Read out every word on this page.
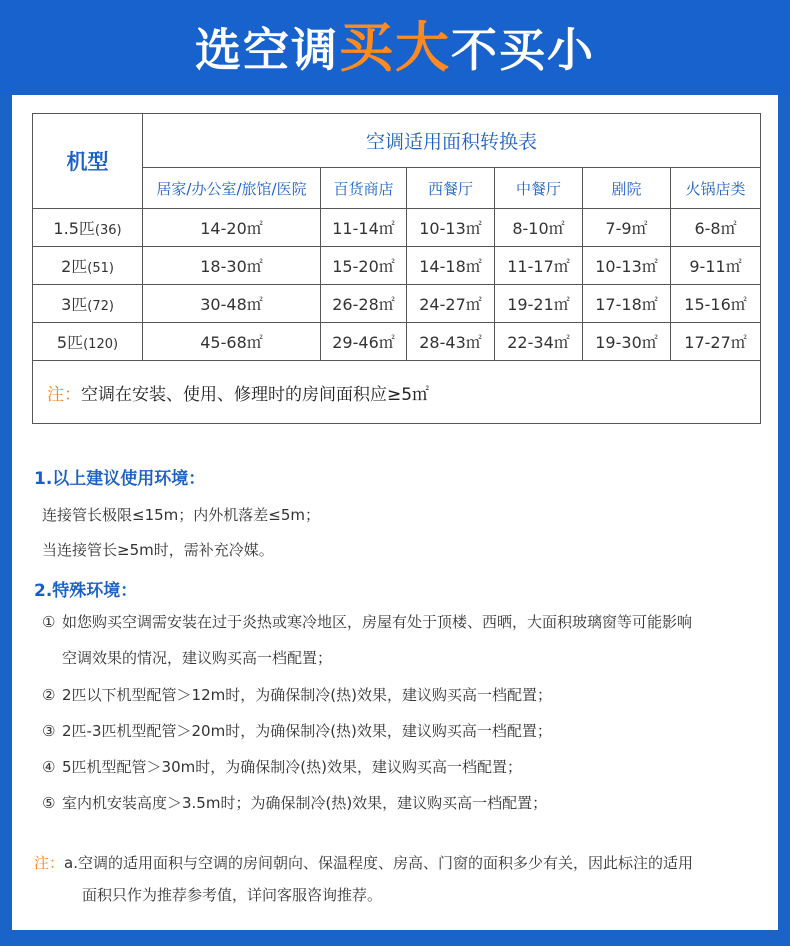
选空调买大不买小
机型	空调适用面积转换表					
	居家/办公室/旅馆/医院	百货商店	西餐厅	中餐厅	剧院	火锅店类
1.5匹(36)	14-20㎡	11-14㎡	10-13㎡	8-10㎡	7-9㎡	6-8㎡
2匹(51)	18-30㎡	15-20㎡	14-18㎡	11-17㎡	10-13㎡	9-11㎡
3匹(72)	30-48㎡	26-28㎡	24-27㎡	19-21㎡	17-18㎡	15-16㎡
5匹(120)	45-68㎡	29-46㎡	28-43㎡	22-34㎡	19-30㎡	17-27㎡
注：空调在安装、使用、修理时的房间面积应≥5㎡						
1.以上建议使用环境：
连接管长极限≤15m；内外机落差≤5m；
当连接管长≥5m时，需补充冷媒。
2.特殊环境：
① 如您购买空调需安装在过于炎热或寒冷地区，房屋有处于顶楼、西晒，大面积玻璃窗等可能影响
空调效果的情况，建议购买高一档配置；
② 2匹以下机型配管＞12m时，为确保制冷(热)效果，建议购买高一档配置；
③ 2匹-3匹机型配管＞20m时，为确保制冷(热)效果，建议购买高一档配置；
④ 5匹机型配管＞30m时，为确保制冷(热)效果，建议购买高一档配置；
⑤ 室内机安装高度＞3.5m时；为确保制冷(热)效果，建议购买高一档配置；
注：a.空调的适用面积与空调的房间朝向、保温程度、房高、门窗的面积多少有关，因此标注的适用
面积只作为推荐参考值，详问客服咨询推荐。
